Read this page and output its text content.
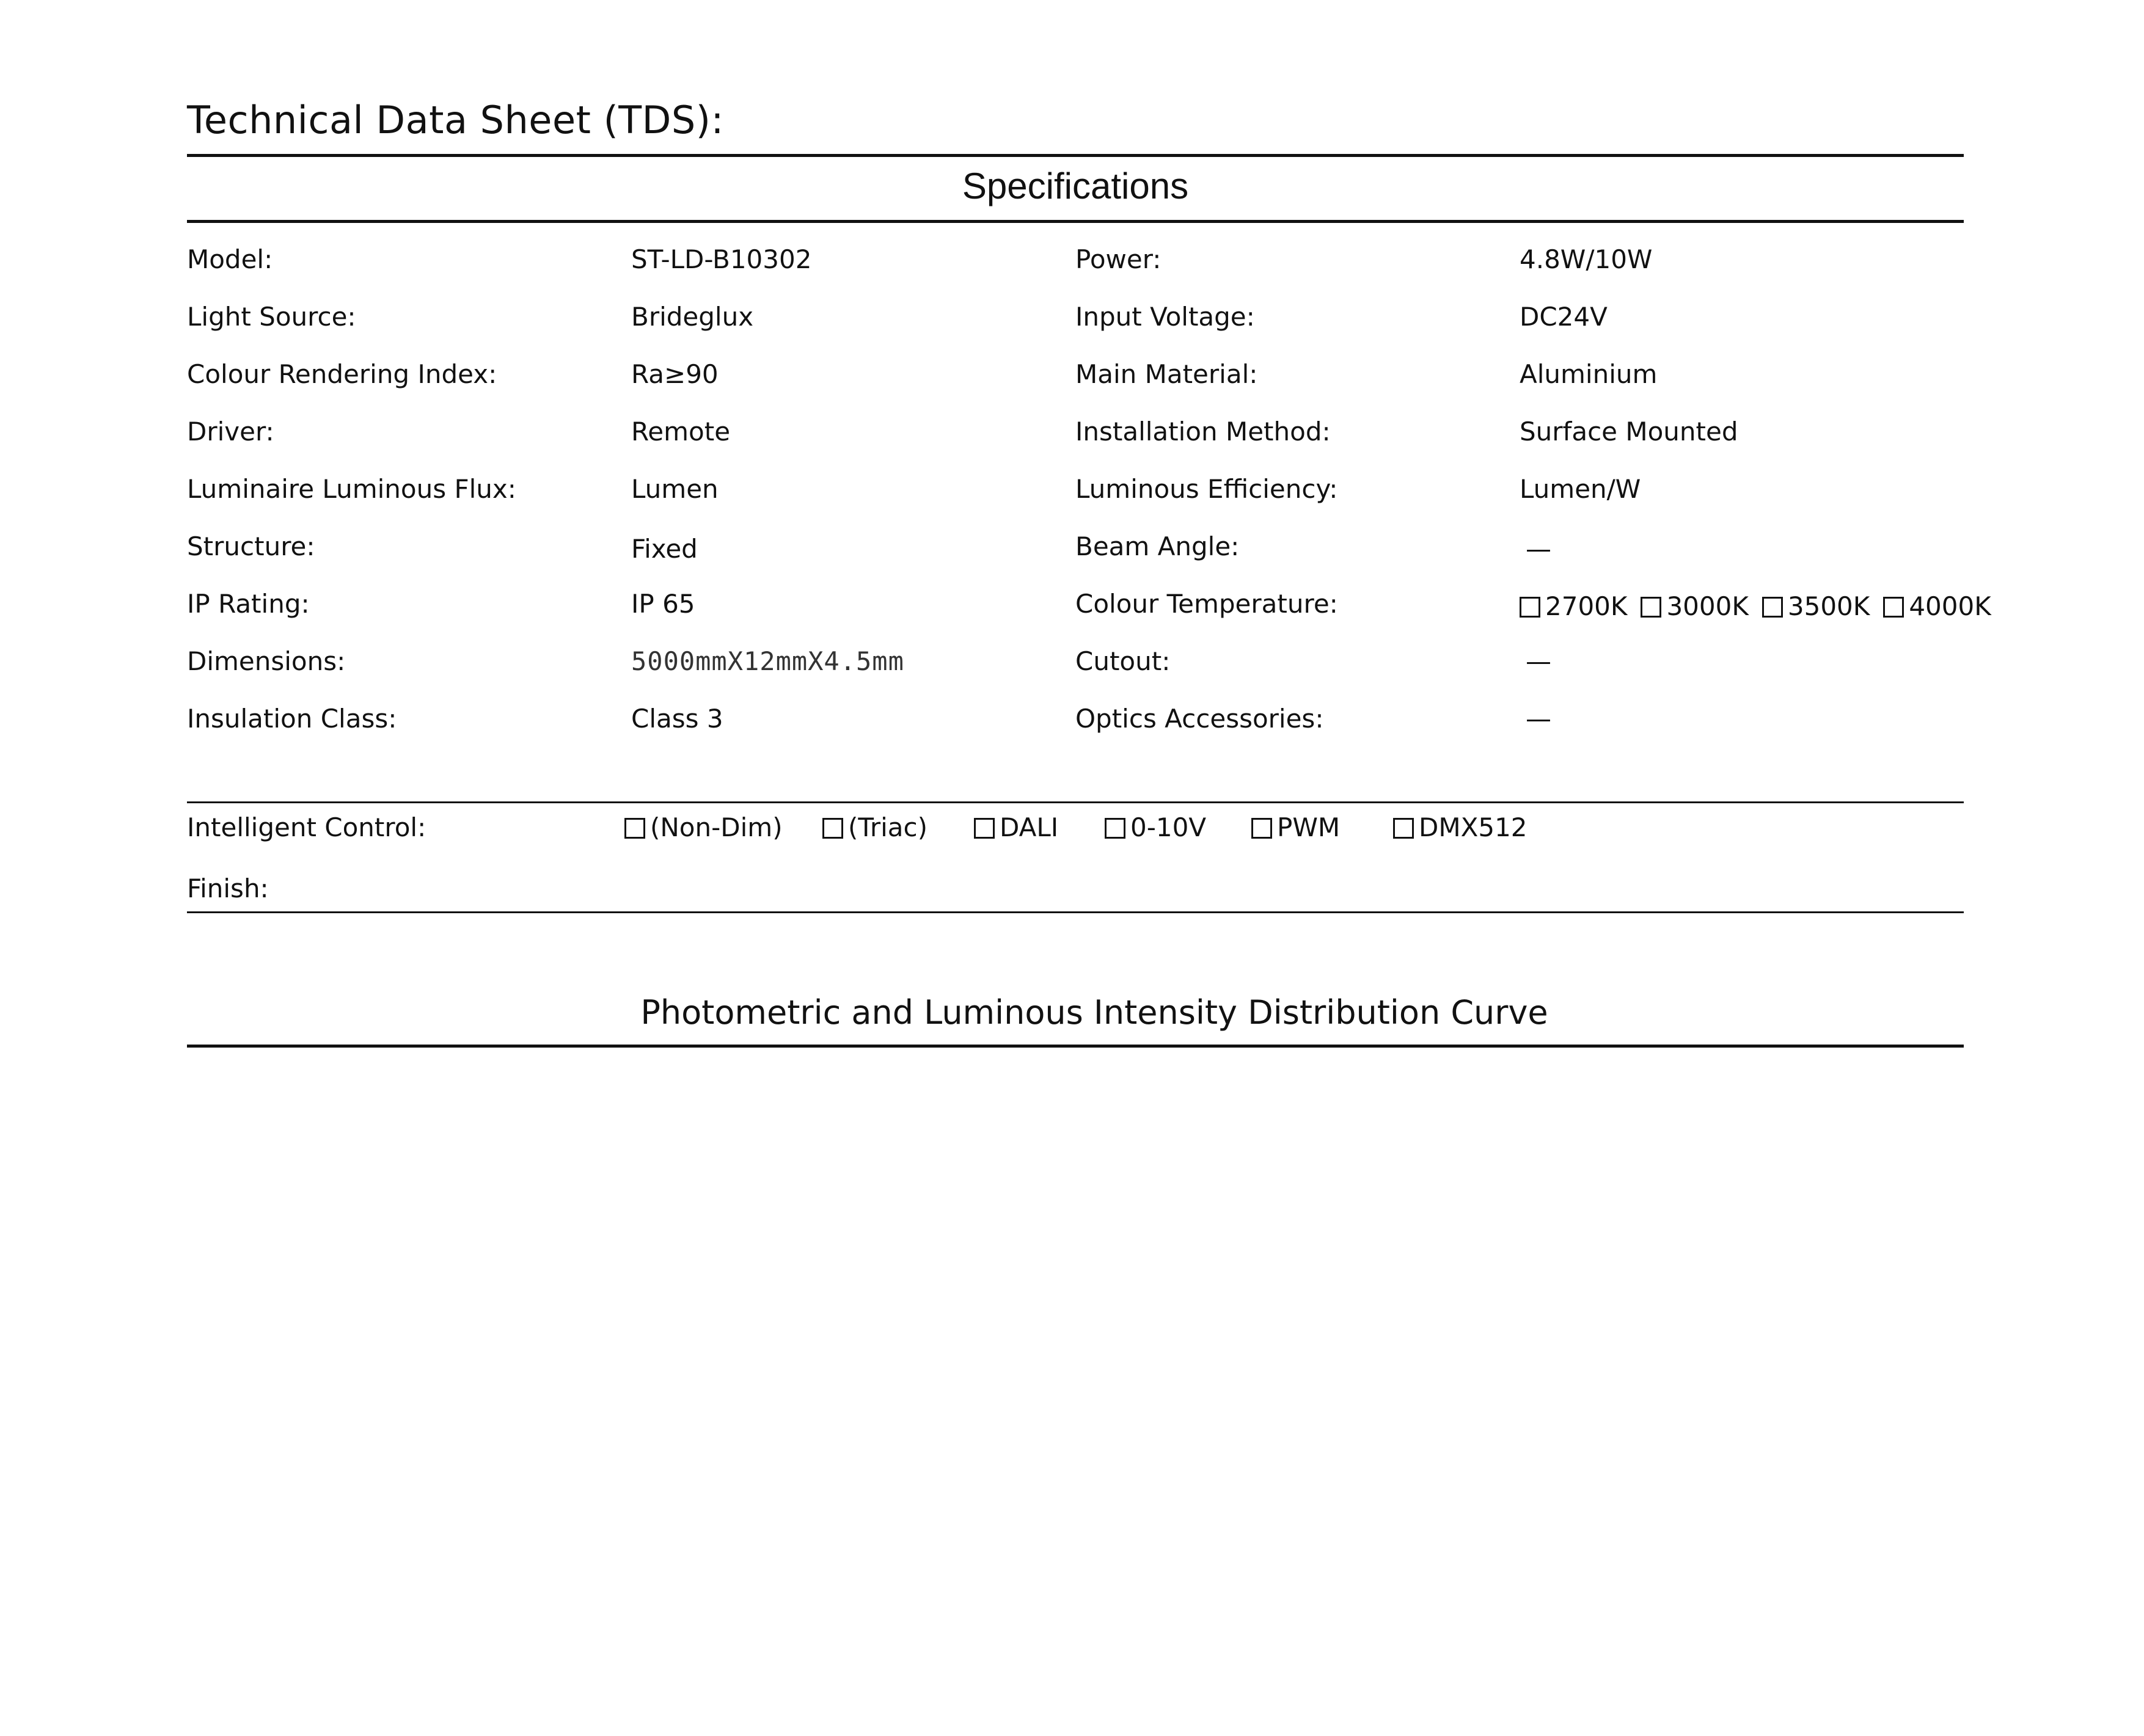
Technical Data Sheet (TDS):
Specifications
Model:	ST-LD-B10302	Power:	4.8W/10W
Light Source:	Brideglux	Input Voltage:	DC24V
Colour Rendering Index:	Ra≥90	Main Material:	Aluminium
Driver:	Remote	Installation Method:	Surface Mounted
Luminaire Luminous Flux:	Lumen	Luminous Efficiency:	Lumen/W
Structure:	Fixed	Beam Angle:	—
IP Rating:	IP 65	Colour Temperature:	2700K 3000K 3500K 4000K
Dimensions:	5000mmX12mmX4.5mm	Cutout:	—
Insulation Class:	Class 3	Optics Accessories:	—
Intelligent Control:	(Non-Dim)	(Triac)	DALI	0-10V	PWM	DMX512
Finish:
Photometric and Luminous Intensity Distribution Curve
